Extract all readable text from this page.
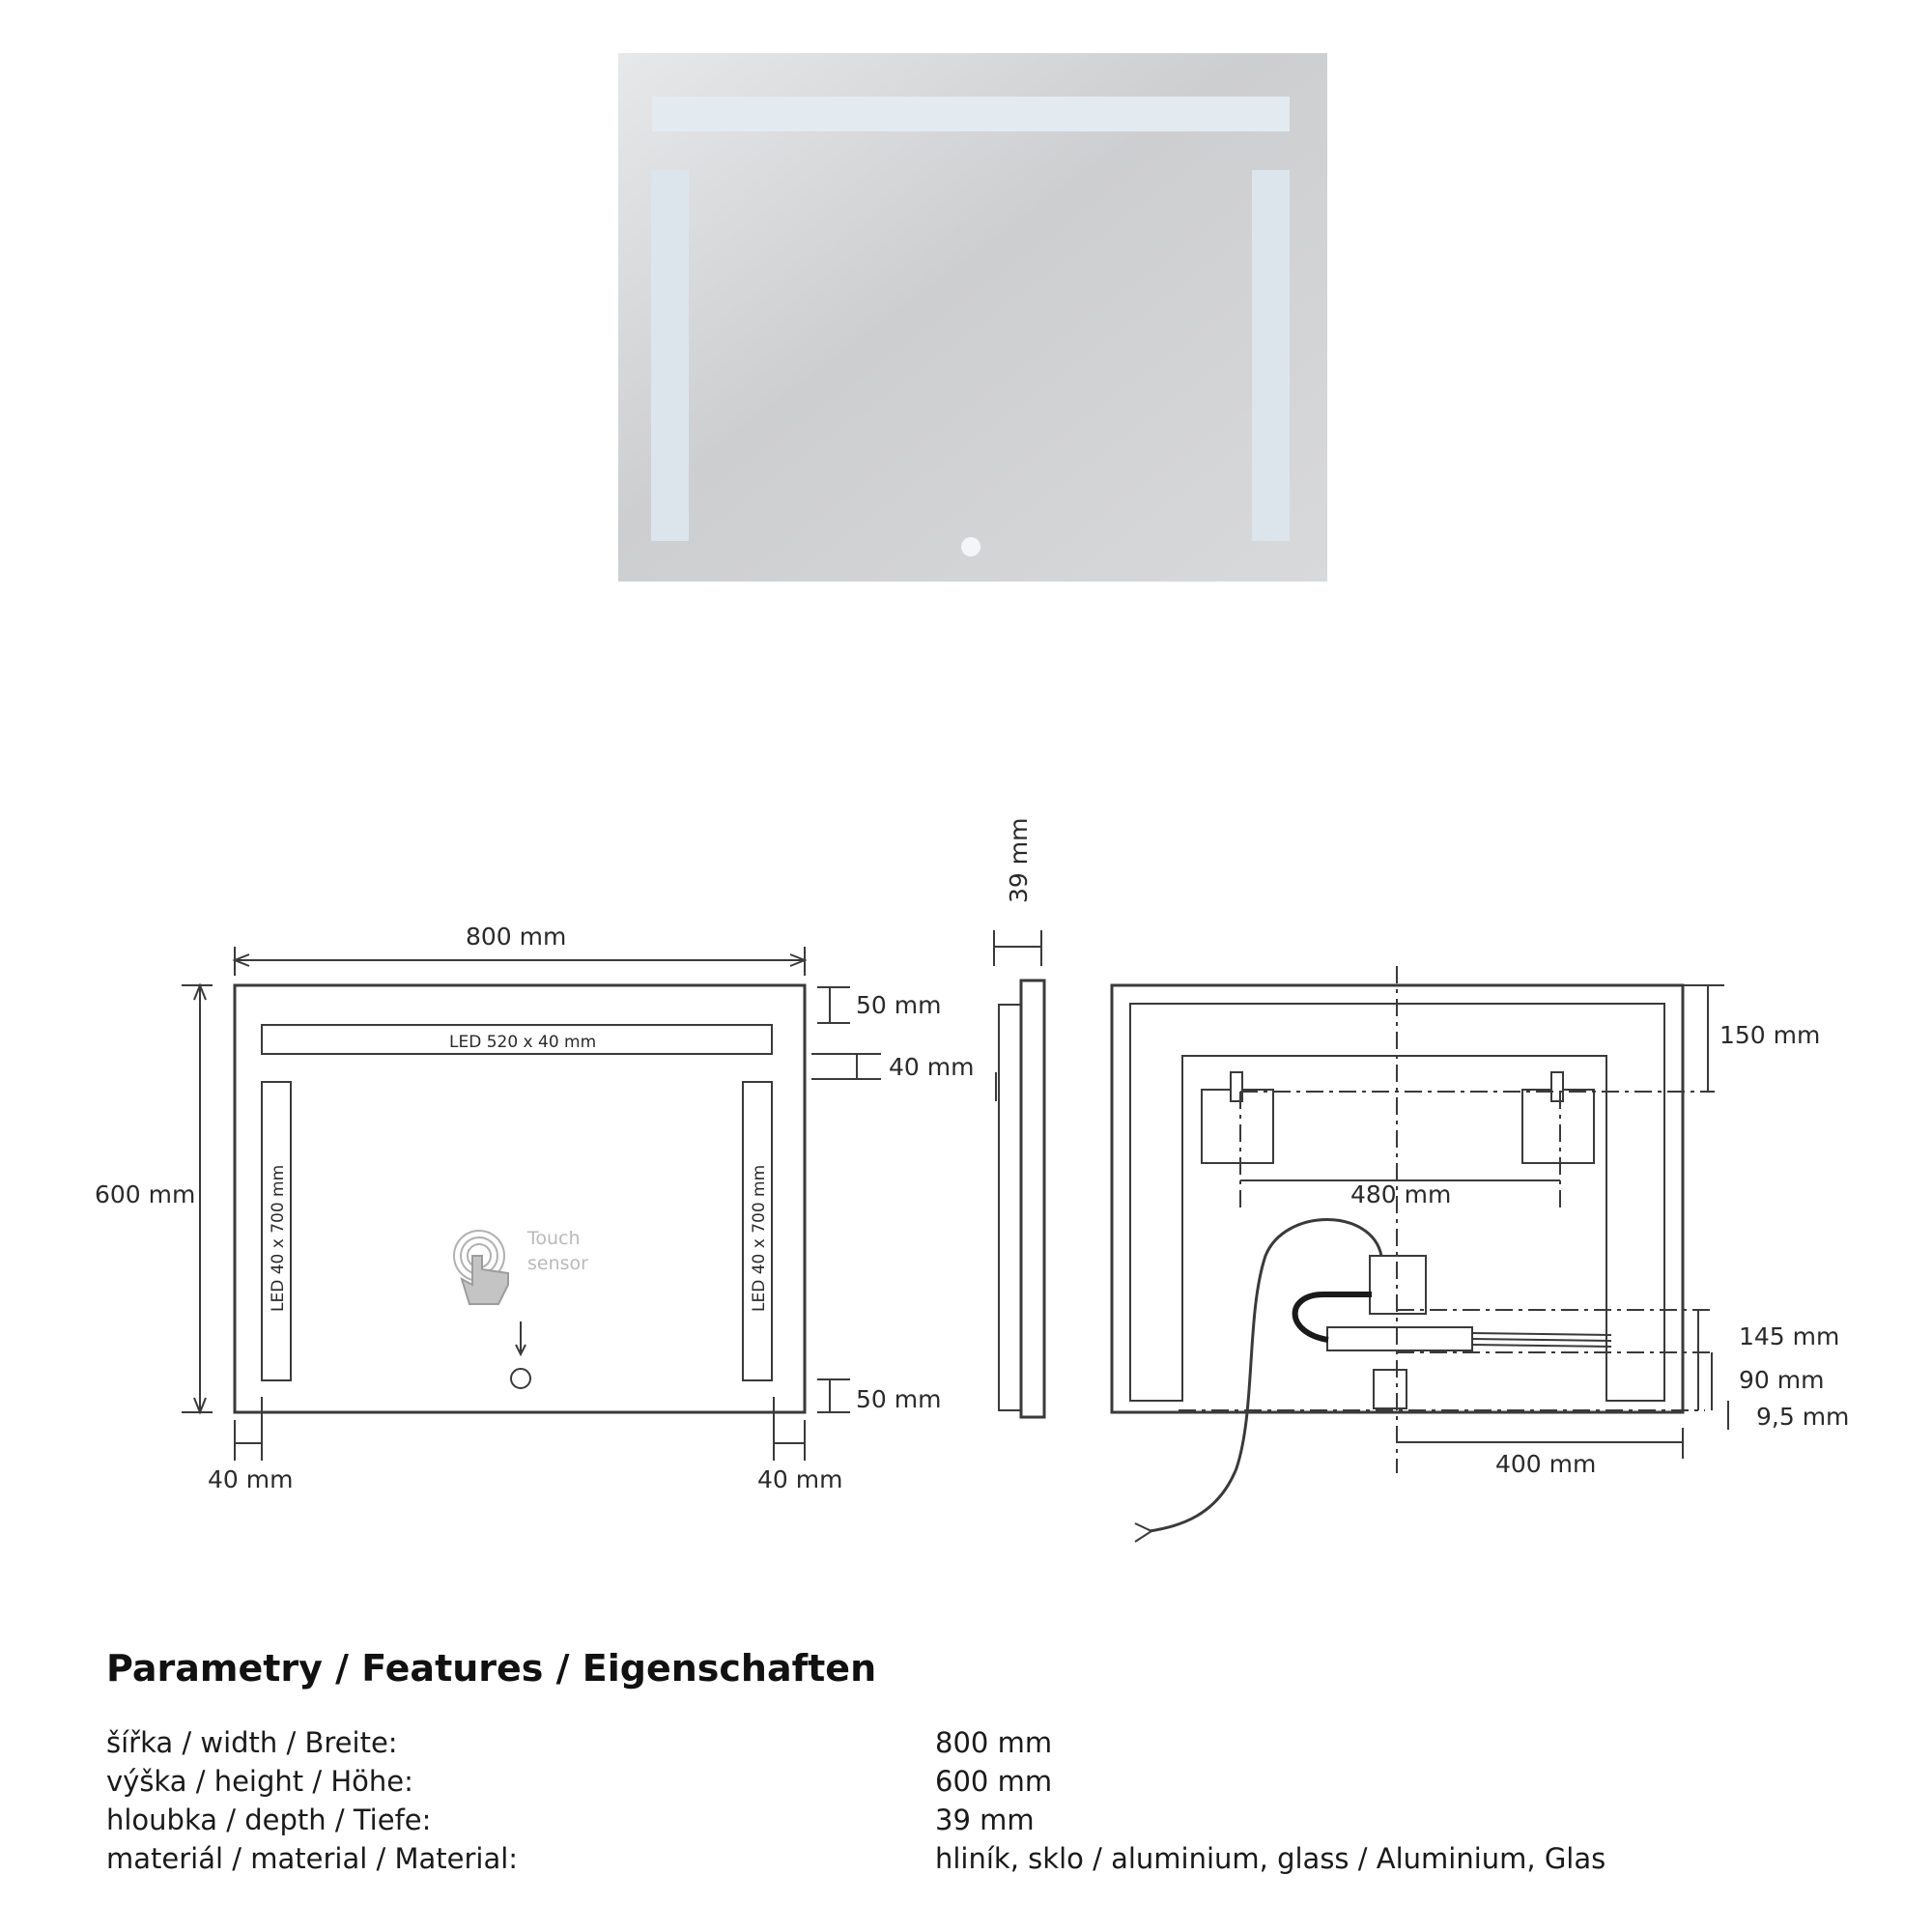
800 mm
600 mm
50 mm
40 mm
50 mm
40 mm	40 mm
LED 520 x 40 mm
LED 40 x 700 mm	LED 40 x 700 mm
Touch
sensor
39 mm
150 mm
480 mm
145 mm
90 mm
9,5 mm
400 mm
Parametry / Features / Eigenschaften
šířka / width / Breite:	800 mm
výška / height / Höhe:	600 mm
hloubka / depth / Tiefe:	39 mm
materiál / material / Material:	hliník, sklo / aluminium, glass / Aluminium, Glas
